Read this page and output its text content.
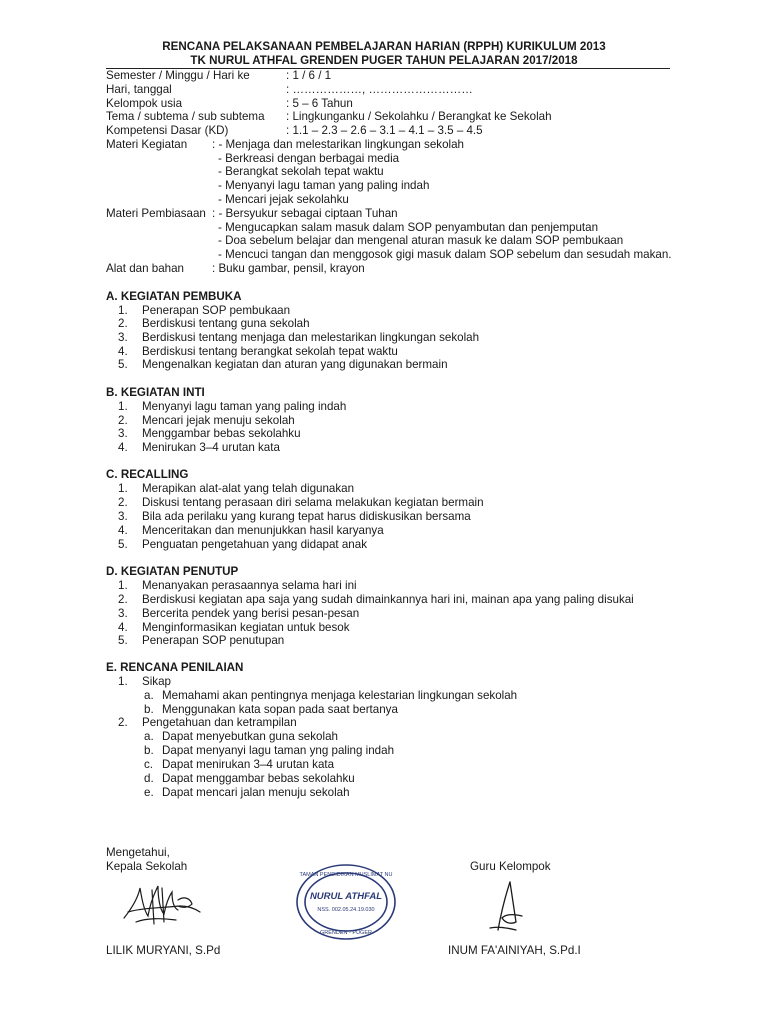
RENCANA PELAKSANAAN PEMBELAJARAN HARIAN (RPPH) KURIKULUM 2013
TK NURUL ATHFAL GRENDEN PUGER TAHUN PELAJARAN 2017/2018
Semester / Minggu / Hari ke	: 1 / 6 / 1
Hari, tanggal	: ………………, ………………………
Kelompok usia	: 5 – 6 Tahun
Tema / subtema / sub subtema : Lingkunganku / Sekolahku / Berangkat ke Sekolah
Kompetensi Dasar (KD)	: 1.1 – 2.3 – 2.6 – 3.1 – 4.1 – 3.5 – 4.5
Materi Kegiatan : - Menjaga dan melestarikan lingkungan sekolah
- Berkreasi dengan berbagai media
- Berangkat sekolah tepat waktu
- Menyanyi lagu taman yang paling indah
- Mencari jejak sekolahku
Materi Pembiasaan : - Bersyukur sebagai ciptaan Tuhan
- Mengucapkan salam masuk dalam SOP penyambutan dan penjemputan
- Doa sebelum belajar dan mengenal aturan masuk ke dalam SOP pembukaan
- Mencuci tangan dan menggosok gigi masuk dalam SOP sebelum dan sesudah makan.
Alat dan bahan : Buku gambar, pensil, krayon
A. KEGIATAN PEMBUKA
1.	Penerapan SOP pembukaan
2.	Berdiskusi tentang guna sekolah
3.	Berdiskusi tentang menjaga dan melestarikan lingkungan sekolah
4.	Berdiskusi tentang berangkat sekolah tepat waktu
5.	Mengenalkan kegiatan dan aturan yang digunakan bermain
B. KEGIATAN INTI
1.	Menyanyi lagu taman yang paling indah
2.	Mencari jejak menuju sekolah
3.	Menggambar bebas sekolahku
4.	Menirukan 3–4 urutan kata
C. RECALLING
1.	Merapikan alat-alat yang telah digunakan
2.	Diskusi tentang perasaan diri selama melakukan kegiatan bermain
3.	Bila ada perilaku yang kurang tepat harus didiskusikan bersama
4.	Menceritakan dan menunjukkan hasil karyanya
5.	Penguatan pengetahuan yang didapat anak
D. KEGIATAN PENUTUP
1.	Menanyakan perasaannya selama hari ini
2.	Berdiskusi kegiatan apa saja yang sudah dimainkannya hari ini, mainan apa yang paling disukai
3.	Bercerita pendek yang berisi pesan-pesan
4.	Menginformasikan kegiatan untuk besok
5.	Penerapan SOP penutupan
E. RENCANA PENILAIAN
1.	Sikap
a. Memahami akan pentingnya menjaga kelestarian lingkungan sekolah
b. Menggunakan kata sopan pada saat bertanya
2.	Pengetahuan dan ketrampilan
a. Dapat menyebutkan guna sekolah
b. Dapat menyanyi lagu taman yng paling indah
c. Dapat menirukan 3–4 urutan kata
d. Dapat menggambar bebas sekolahku
e. Dapat mencari jalan menuju sekolah
Mengetahui,
Kepala Sekolah	Guru Kelompok
TAMAN PENDIDIKAN MUSLIMAT NU
NURUL ATHFAL
NSS. 002.05.24.19.030
GRENDEN - PUGER
LILIK MURYANI, S.Pd	INUM FA'AINIYAH, S.Pd.I
